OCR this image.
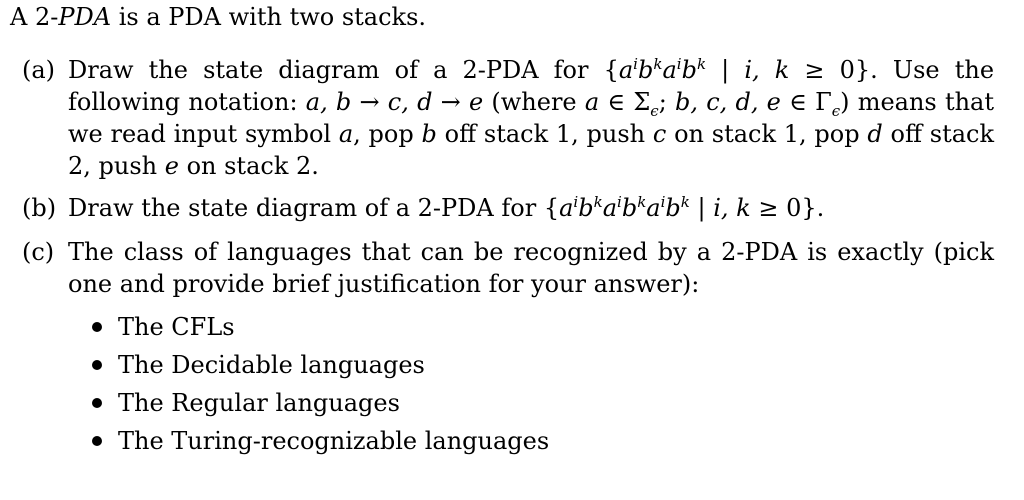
A 2-PDA is a PDA with two stacks.
(a) Draw the state diagram of a 2-PDA for {$a^ib^ka^ib^k$ | i, k ≥ 0}. Use the following notation: a, b → c, d → e (where a ∈ $\Sigma_\epsilon$; b, c, d, e ∈ $\Gamma_\epsilon$) means that we read input symbol a, pop b off stack 1, push c on stack 1, pop d off stack 2, push e on stack 2.
(b) Draw the state diagram of a 2-PDA for {$a^ib^ka^ib^ka^ib^k$ | i, k ≥ 0}.
(c) The class of languages that can be recognized by a 2-PDA is exactly (pick one and provide brief justification for your answer):
The CFLs
The Decidable languages
The Regular languages
The Turing-recognizable languages
